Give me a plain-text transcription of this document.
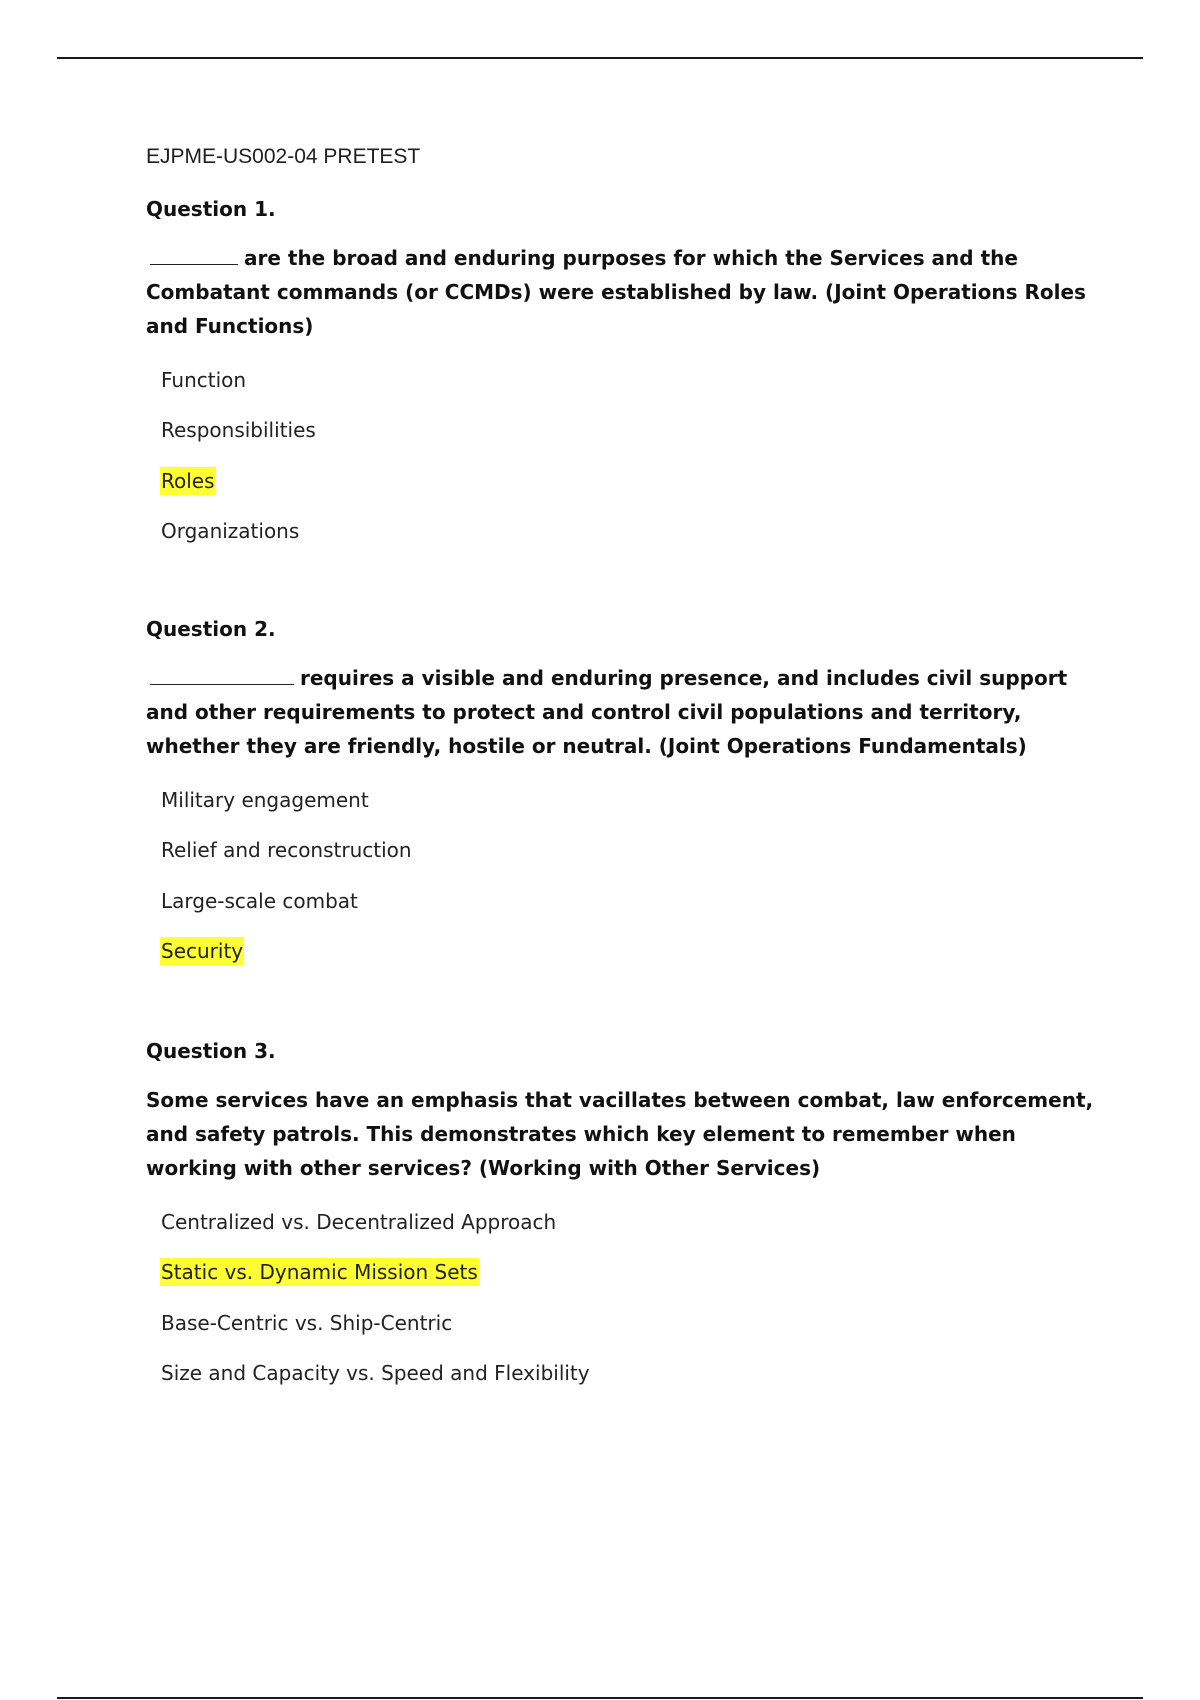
EJPME-US002-04 PRETEST
Question 1.
are the broad and enduring purposes for which the Services and the Combatant commands (or CCMDs) were established by law. (Joint Operations Roles and Functions)
Function
Responsibilities
Roles
Organizations
Question 2.
requires a visible and enduring presence, and includes civil support and other requirements to protect and control civil populations and territory, whether they are friendly, hostile or neutral. (Joint Operations Fundamentals)
Military engagement
Relief and reconstruction
Large-scale combat
Security
Question 3.
Some services have an emphasis that vacillates between combat, law enforcement, and safety patrols. This demonstrates which key element to remember when working with other services? (Working with Other Services)
Centralized vs. Decentralized Approach
Static vs. Dynamic Mission Sets
Base-Centric vs. Ship-Centric
Size and Capacity vs. Speed and Flexibility
